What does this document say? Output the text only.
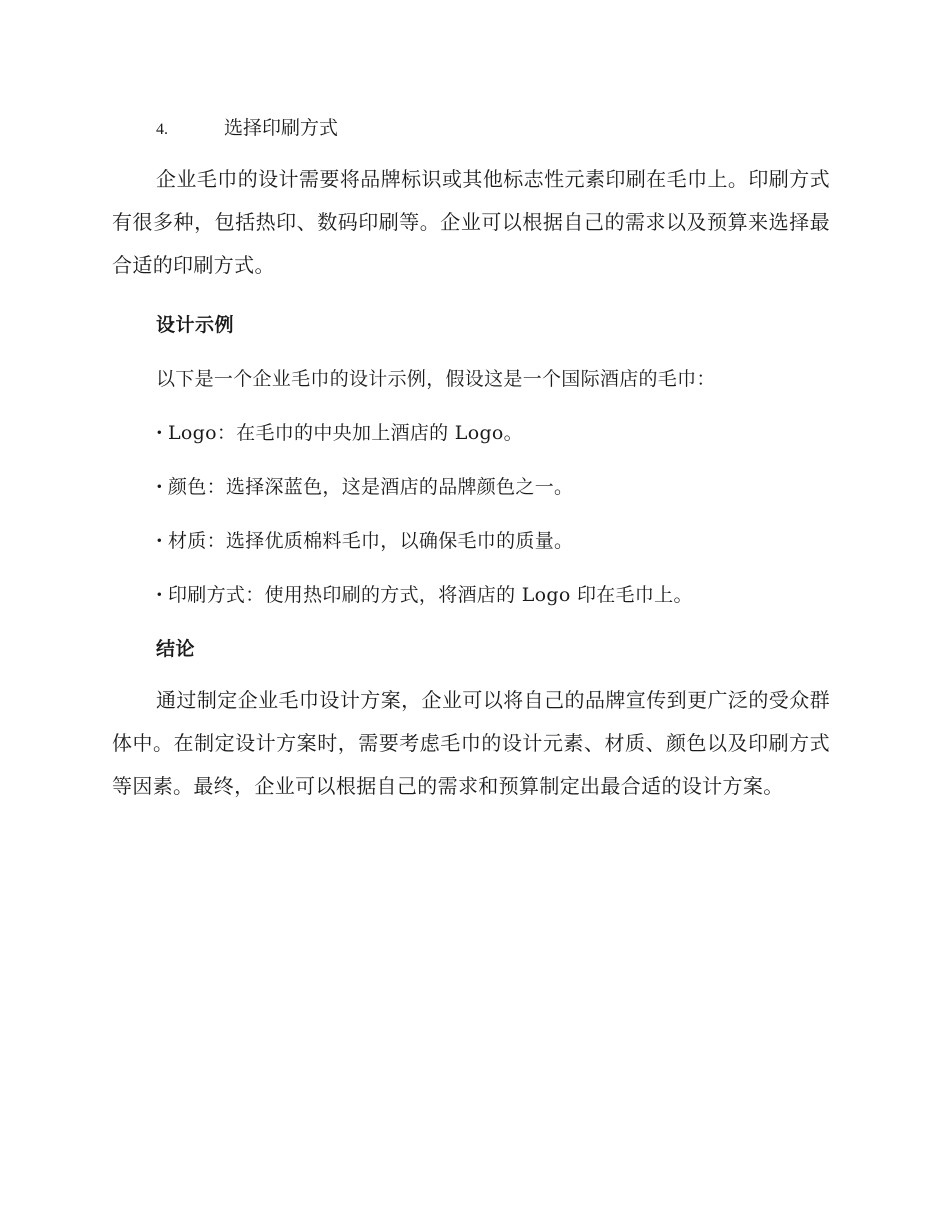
4.	选择印刷方式

企业毛巾的设计需要将品牌标识或其他标志性元素印刷在毛巾上。印刷方式有很多种，包括热印、数码印刷等。企业可以根据自己的需求以及预算来选择最合适的印刷方式。

设计示例

以下是一个企业毛巾的设计示例，假设这是一个国际酒店的毛巾：

· Logo：在毛巾的中央加上酒店的 Logo。
· 颜色：选择深蓝色，这是酒店的品牌颜色之一。
· 材质：选择优质棉料毛巾，以确保毛巾的质量。
· 印刷方式：使用热印刷的方式，将酒店的 Logo 印在毛巾上。
结论

通过制定企业毛巾设计方案，企业可以将自己的品牌宣传到更广泛的受众群体中。在制定设计方案时，需要考虑毛巾的设计元素、材质、颜色以及印刷方式等因素。最终，企业可以根据自己的需求和预算制定出最合适的设计方案。
